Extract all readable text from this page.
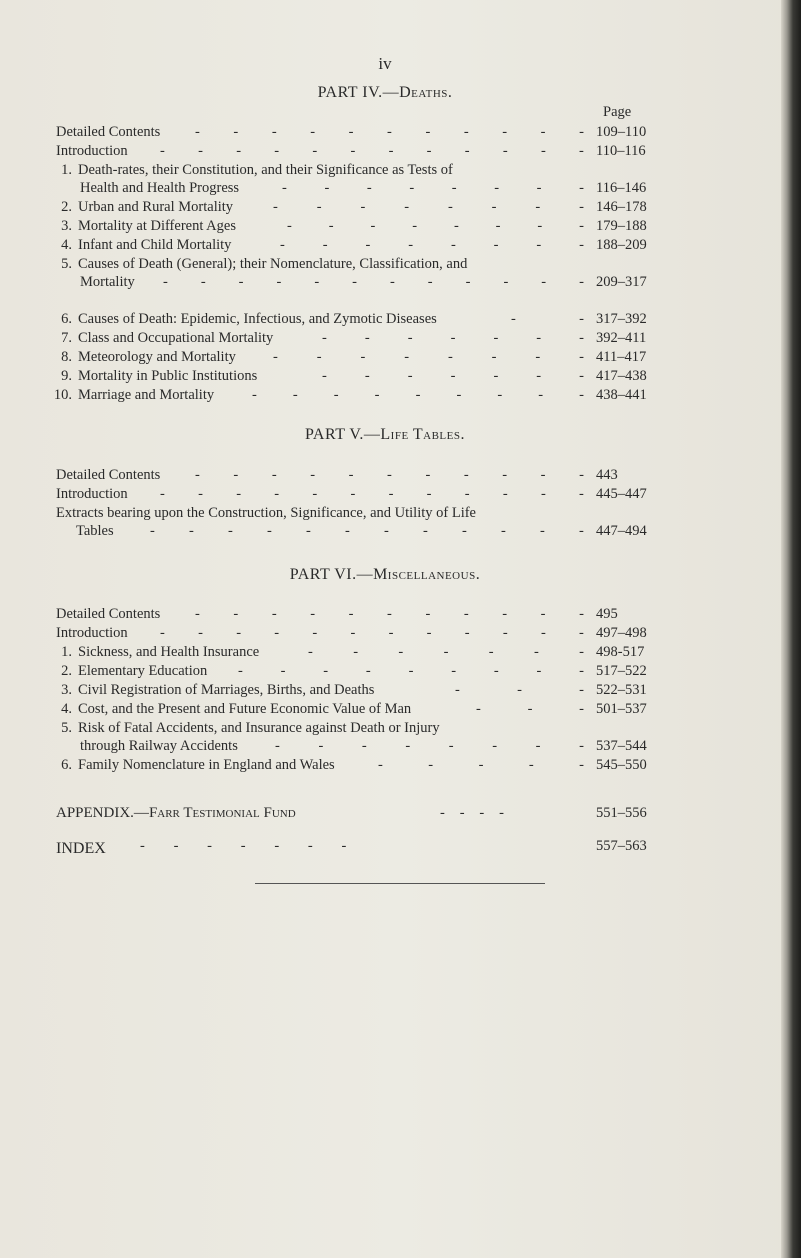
iv
PART IV.—Deaths.
Page
PART V.—Life Tables.
PART VI.—Miscellaneous.
APPENDIX.—Farr Testimonial Fund	-   -   -   -	551–556
INDEX -      -      -      -      -      -      -	557–563
Detailed Contents - - - - - - - - - - - 109–110
Introduction - - - - - - - - - - - - 110–116
1. Death-rates, their Constitution, and their Significance as Tests of
Health and Health Progress	-	-	-	-	-	-	-	- 116–146
2. Urban and Rural Mortality	-	-	-	-	-	-	-	- 146–178
3. Mortality at Different Ages	- - - - - - - - 179–188
4. Infant and Child Mortality	-	-	-	-	-	-	-	- 188–209
5. Causes of Death (General); their Nomenclature, Classification, and
Mortality - - - - - - - - - - - - 209–317
6. Causes of Death: Epidemic, Infectious, and Zymotic Diseases	-	- 317–392
7. Class and Occupational Mortality	-	-	-	-	-	-	- 392–411
8. Meteorology and Mortality	-	-	-	-	-	-	-	- 411–417
9. Mortality in Public Institutions	-	-	-	-	-	-	- 417–438
10. Marriage and Mortality	- - - - - - - - - 438–441
Detailed Contents - - - - - - - - - - - 443
Introduction - - - - - - - - - - - - 445–447
Extracts bearing upon the Construction, Significance, and Utility of Life
Tables	- - - - - - - - - - - - 447–494
Detailed Contents - - - - - - - - - - - 495
Introduction - - - - - - - - - - - - 497–498
1. Sickness, and Health Insurance	-	-	-	-	-	-	- 498-517
2. Elementary Education -	-	-	-	-	-	-	-	- 517–522
3. Civil Registration of Marriages, Births, and Deaths	-	-	- 522–531
4. Cost, and the Present and Future Economic Value of Man	-	-	- 501–537
5. Risk of Fatal Accidents, and Insurance against Death or Injury
through Railway Accidents	-	-	-	-	-	-	-	- 537–544
6. Family Nomenclature in England and Wales	-	-	-	-	- 545–550
